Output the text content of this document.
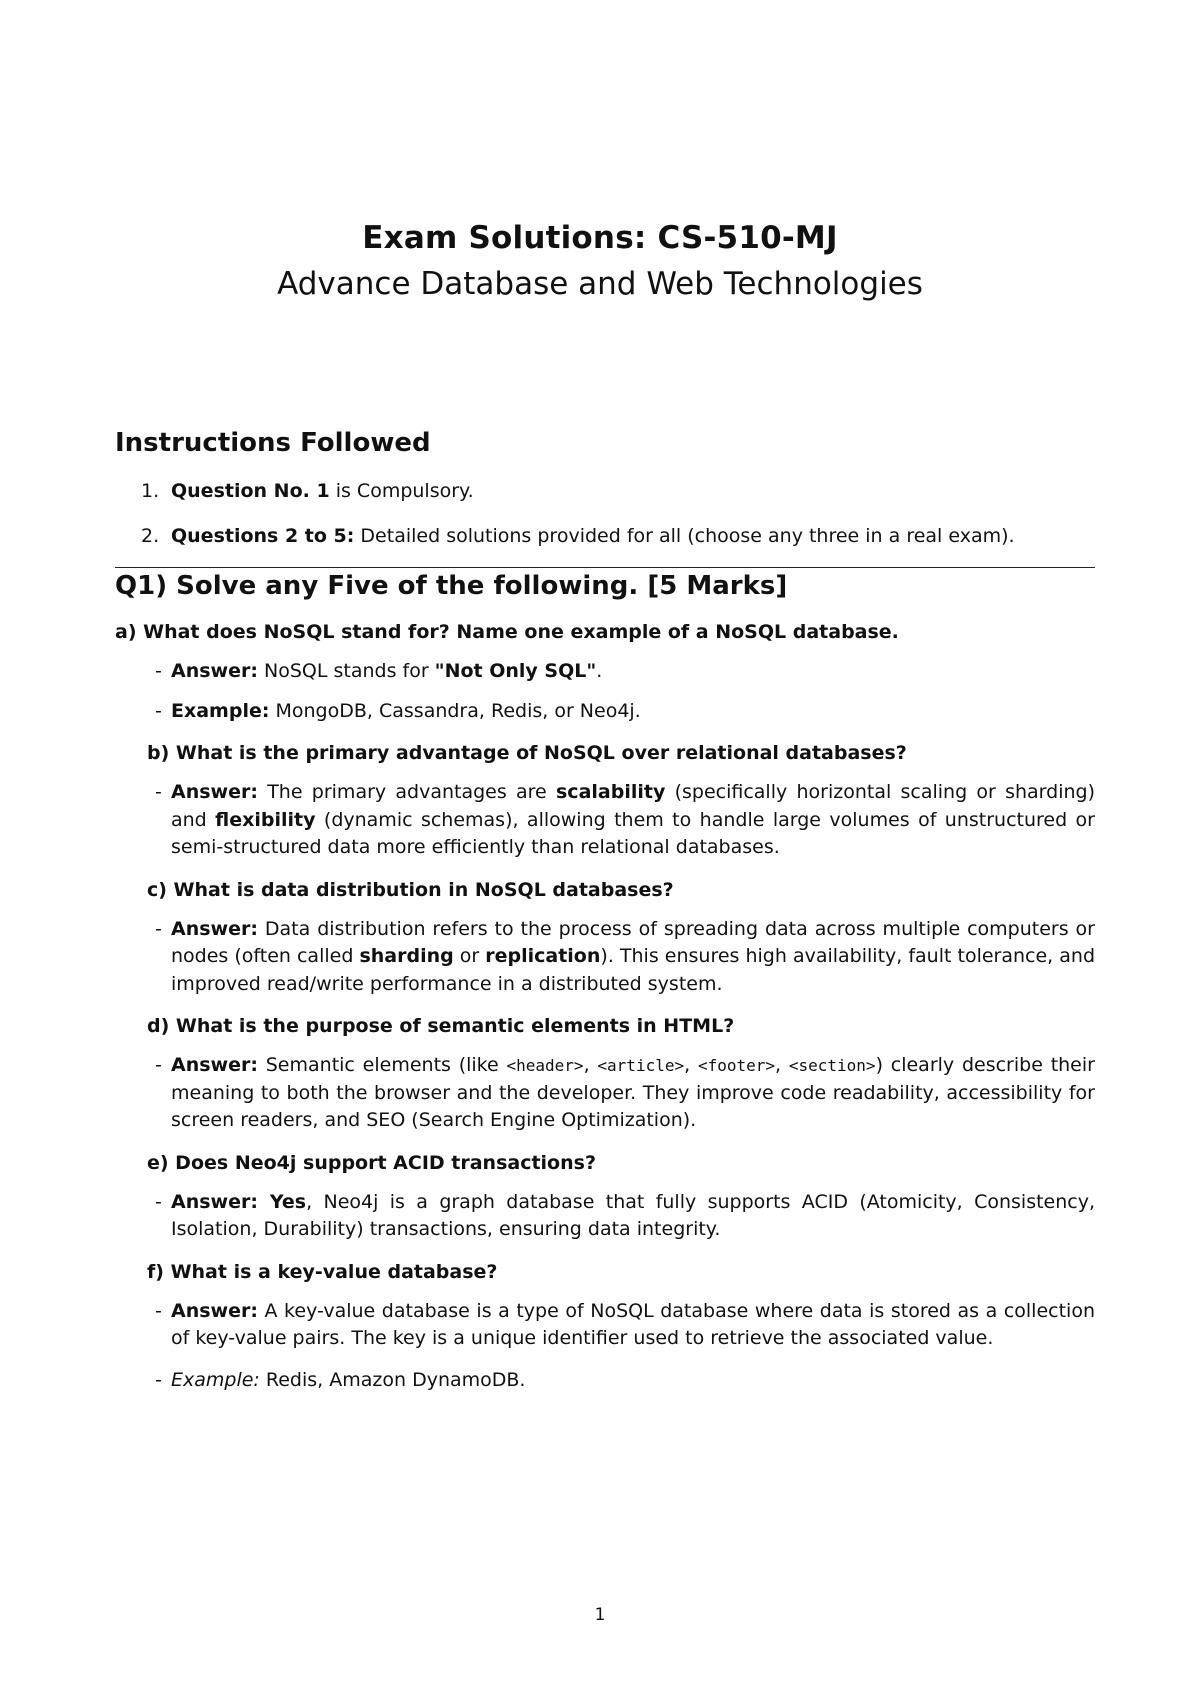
Exam Solutions: CS-510-MJ
Advance Database and Web Technologies
Instructions Followed
1. Question No. 1 is Compulsory.
2. Questions 2 to 5: Detailed solutions provided for all (choose any three in a real exam).
Q1) Solve any Five of the following. [5 Marks]
a) What does NoSQL stand for? Name one example of a NoSQL database.
- Answer: NoSQL stands for "Not Only SQL".
- Example: MongoDB, Cassandra, Redis, or Neo4j.
b) What is the primary advantage of NoSQL over relational databases?
- Answer: The primary advantages are scalability (specifically horizontal scaling or sharding) and flexibility (dynamic schemas), allowing them to handle large volumes of unstructured or semi-structured data more efficiently than relational databases.
c) What is data distribution in NoSQL databases?
- Answer: Data distribution refers to the process of spreading data across multiple computers or nodes (often called sharding or replication). This ensures high availability, fault tolerance, and improved read/write performance in a distributed system.
d) What is the purpose of semantic elements in HTML?
- Answer: Semantic elements (like <header>, <article>, <footer>, <section>) clearly describe their meaning to both the browser and the developer. They improve code readability, accessibility for screen readers, and SEO (Search Engine Optimization).
e) Does Neo4j support ACID transactions?
- Answer: Yes, Neo4j is a graph database that fully supports ACID (Atomicity, Consistency, Isolation, Durability) transactions, ensuring data integrity.
f) What is a key-value database?
- Answer: A key-value database is a type of NoSQL database where data is stored as a collection of key-value pairs. The key is a unique identifier used to retrieve the associated value.
- Example: Redis, Amazon DynamoDB.
1
